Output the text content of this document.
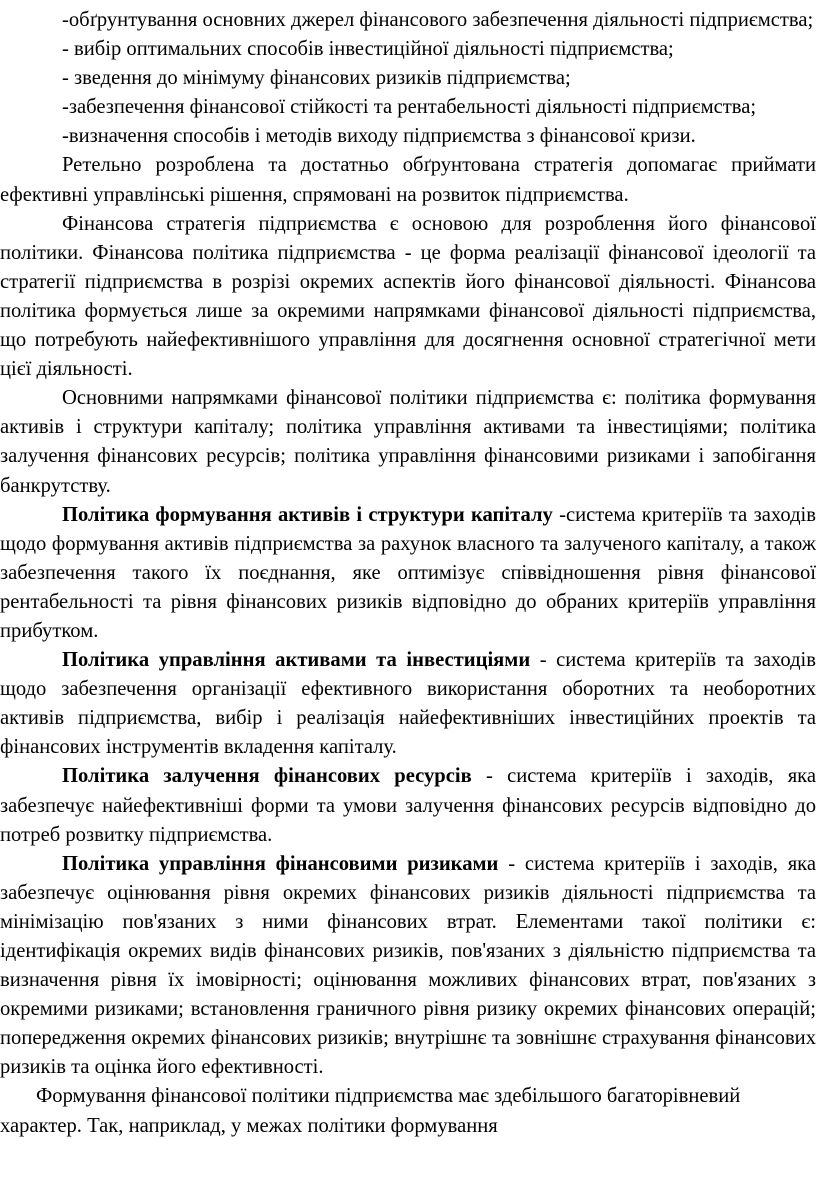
-обґрунтування основних джерел фінансового забезпечення діяльності підприємства;

- вибір оптимальних способів інвестиційної діяльності підприємства;

- зведення до мінімуму фінансових ризиків підприємства;

-забезпечення фінансової стійкості та рентабельності діяльності підприємства;

-визначення способів і методів виходу підприємства з фінансової кризи.

Ретельно розроблена та достатньо обґрунтована стратегія допомагає приймати ефективні управлінські рішення, спрямовані на розвиток підприємства.

Фінансова стратегія підприємства є основою для розроблення його фінансової політики. Фінансова політика підприємства - це форма реалізації фінансової ідеології та стратегії підприємства в розрізі окремих аспектів його фінансової діяльності. Фінансова політика формується лише за окремими напрямками фінансової діяльності підприємства, що потребують найефективнішого управління для досягнення основної стратегічної мети цієї діяльності.

Основними напрямками фінансової політики підприємства є: політика формування активів і структури капіталу; політика управління активами та інвестиціями; політика залучення фінансових ресурсів; політика управління фінансовими ризиками і запобігання банкрутству.

Політика формування активів і структури капіталу -система критеріїв та заходів щодо формування активів підприємства за рахунок власного та залученого капіталу, а також забезпечення такого їх поєднання, яке оптимізує співвідношення рівня фінансової рентабельності та рівня фінансових ризиків відповідно до обраних критеріїв управління прибутком.

Політика управління активами та інвестиціями - система критеріїв та заходів щодо забезпечення організації ефективного використання оборотних та необоротних активів підприємства, вибір і реалізація найефективніших інвестиційних проектів та фінансових інструментів вкладення капіталу.

Політика залучення фінансових ресурсів - система критеріїв і заходів, яка забезпечує найефективніші форми та умови залучення фінансових ресурсів відповідно до потреб розвитку підприємства.

Політика управління фінансовими ризиками - система критеріїв і заходів, яка забезпечує оцінювання рівня окремих фінансових ризиків діяльності підприємства та мінімізацію пов'язаних з ними фінансових втрат. Елементами такої політики є: ідентифікація окремих видів фінансових ризиків, пов'язаних з діяльністю підприємства та визначення рівня їх імовірності; оцінювання можливих фінансових втрат, пов'язаних з окремими ризиками; встановлення граничного рівня ризику окремих фінансових операцій; попередження окремих фінансових ризиків; внутрішнє та зовнішнє страхування фінансових ризиків та оцінка його ефективності.

Формування фінансової політики підприємства має здебільшого багаторівневий характер. Так, наприклад, у межах політики формування
